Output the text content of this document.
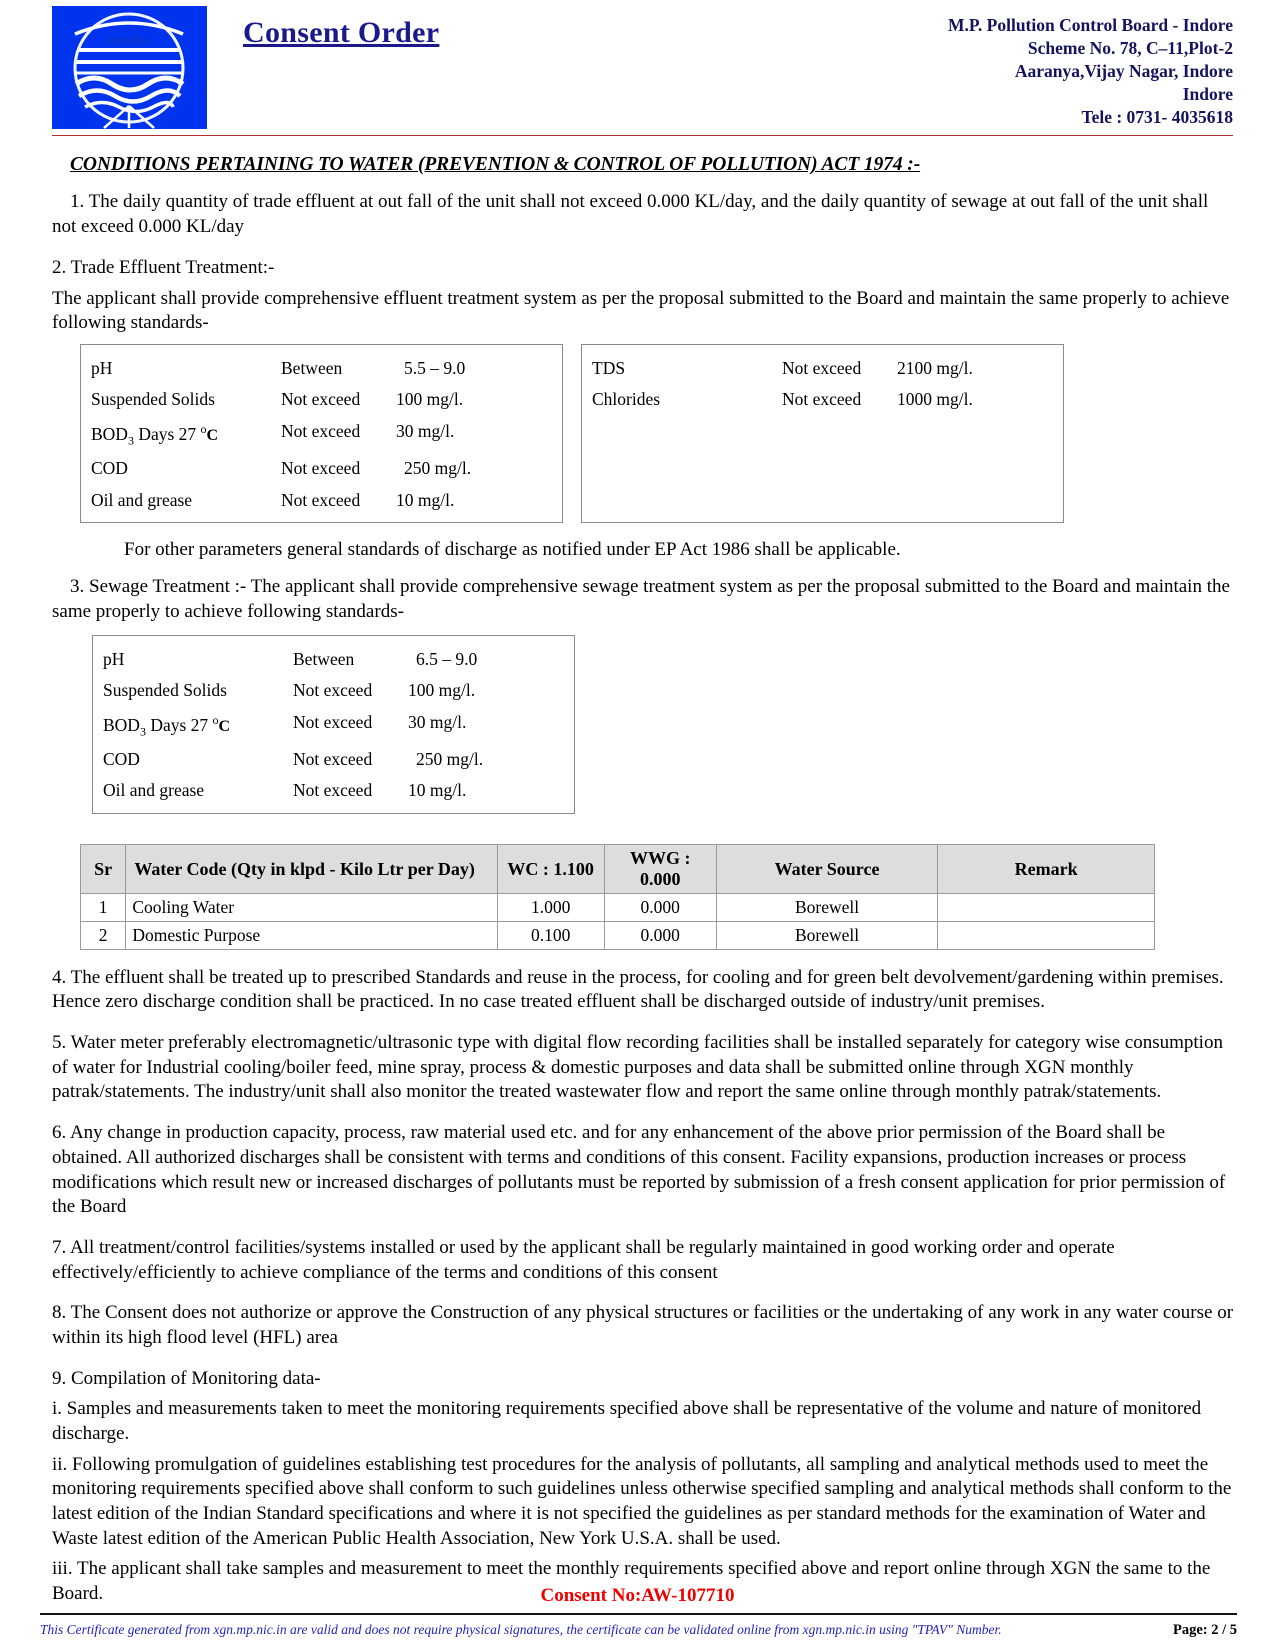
म.प्र.प्र.नि.म.	Consent Order	M.P. Pollution Control Board - Indore
Scheme No. 78, C–11,Plot-2
Aaranya,Vijay Nagar, Indore
Indore
Tele : 0731- 4035618
CONDITIONS PERTAINING TO WATER (PREVENTION & CONTROL OF POLLUTION) ACT 1974 :-

1. The daily quantity of trade effluent at out fall of the unit shall not exceed 0.000 KL/day, and the daily quantity of sewage at out fall of the unit shall not exceed 0.000 KL/day

2. Trade Effluent Treatment:-

The applicant shall provide comprehensive effluent treatment system as per the proposal submitted to the Board and maintain the same properly to achieve following standards-

pH	Between	5.5 – 9.0
Suspended Solids	Not exceed	100 mg/l.
$BOD_3$ Days 27 $^o$C	Not exceed	30 mg/l.
COD	Not exceed	250 mg/l.
Oil and grease	Not exceed	10 mg/l.
TDS	Not exceed	2100 mg/l.
Chlorides	Not exceed	1000 mg/l.
For other parameters general standards of discharge as notified under EP Act 1986 shall be applicable.

3. Sewage Treatment :- The applicant shall provide comprehensive sewage treatment system as per the proposal submitted to the Board and maintain the same properly to achieve following standards-

pH	Between	6.5 – 9.0
Suspended Solids	Not exceed	100 mg/l.
$BOD_3$ Days 27 $^o$C	Not exceed	30 mg/l.
COD	Not exceed	250 mg/l.
Oil and grease	Not exceed	10 mg/l.
Sr	Water Code (Qty in klpd - Kilo Ltr per Day)	WC : 1.100	WWG : 0.000	Water Source	Remark
1	Cooling Water	1.000	0.000	Borewell	
2	Domestic Purpose	0.100	0.000	Borewell	

4. The effluent shall be treated up to prescribed Standards and reuse in the process, for cooling and for green belt devolvement/gardening within premises. Hence zero discharge condition shall be practiced. In no case treated effluent shall be discharged outside of industry/unit premises.

5. Water meter preferably electromagnetic/ultrasonic type with digital flow recording facilities shall be installed separately for category wise consumption of water for Industrial cooling/boiler feed, mine spray, process & domestic purposes and data shall be submitted online through XGN monthly patrak/statements. The industry/unit shall also monitor the treated wastewater flow and report the same online through monthly patrak/statements.

6. Any change in production capacity, process, raw material used etc. and for any enhancement of the above prior permission of the Board shall be obtained. All authorized discharges shall be consistent with terms and conditions of this consent. Facility expansions, production increases or process modifications which result new or increased discharges of pollutants must be reported by submission of a fresh consent application for prior permission of the Board

7. All treatment/control facilities/systems installed or used by the applicant shall be regularly maintained in good working order and operate effectively/efficiently to achieve compliance of the terms and conditions of this consent

8. The Consent does not authorize or approve the Construction of any physical structures or facilities or the undertaking of any work in any water course or within its high flood level (HFL) area

9. Compilation of Monitoring data-

i. Samples and measurements taken to meet the monitoring requirements specified above shall be representative of the volume and nature of monitored discharge.

ii. Following promulgation of guidelines establishing test procedures for the analysis of pollutants, all sampling and analytical methods used to meet the monitoring requirements specified above shall conform to such guidelines unless otherwise specified sampling and analytical methods shall conform to the latest edition of the Indian Standard specifications and where it is not specified the guidelines as per standard methods for the examination of Water and Waste latest edition of the American Public Health Association, New York U.S.A. shall be used.

iii. The applicant shall take samples and measurement to meet the monthly requirements specified above and report online through XGN the same to the Board.	Consent No:AW-107710
This Certificate generated from xgn.mp.nic.in are valid and does not require physical signatures, the certificate can be validated online from xgn.mp.nic.in using "TPAV" Number.	Page: 2 / 5
